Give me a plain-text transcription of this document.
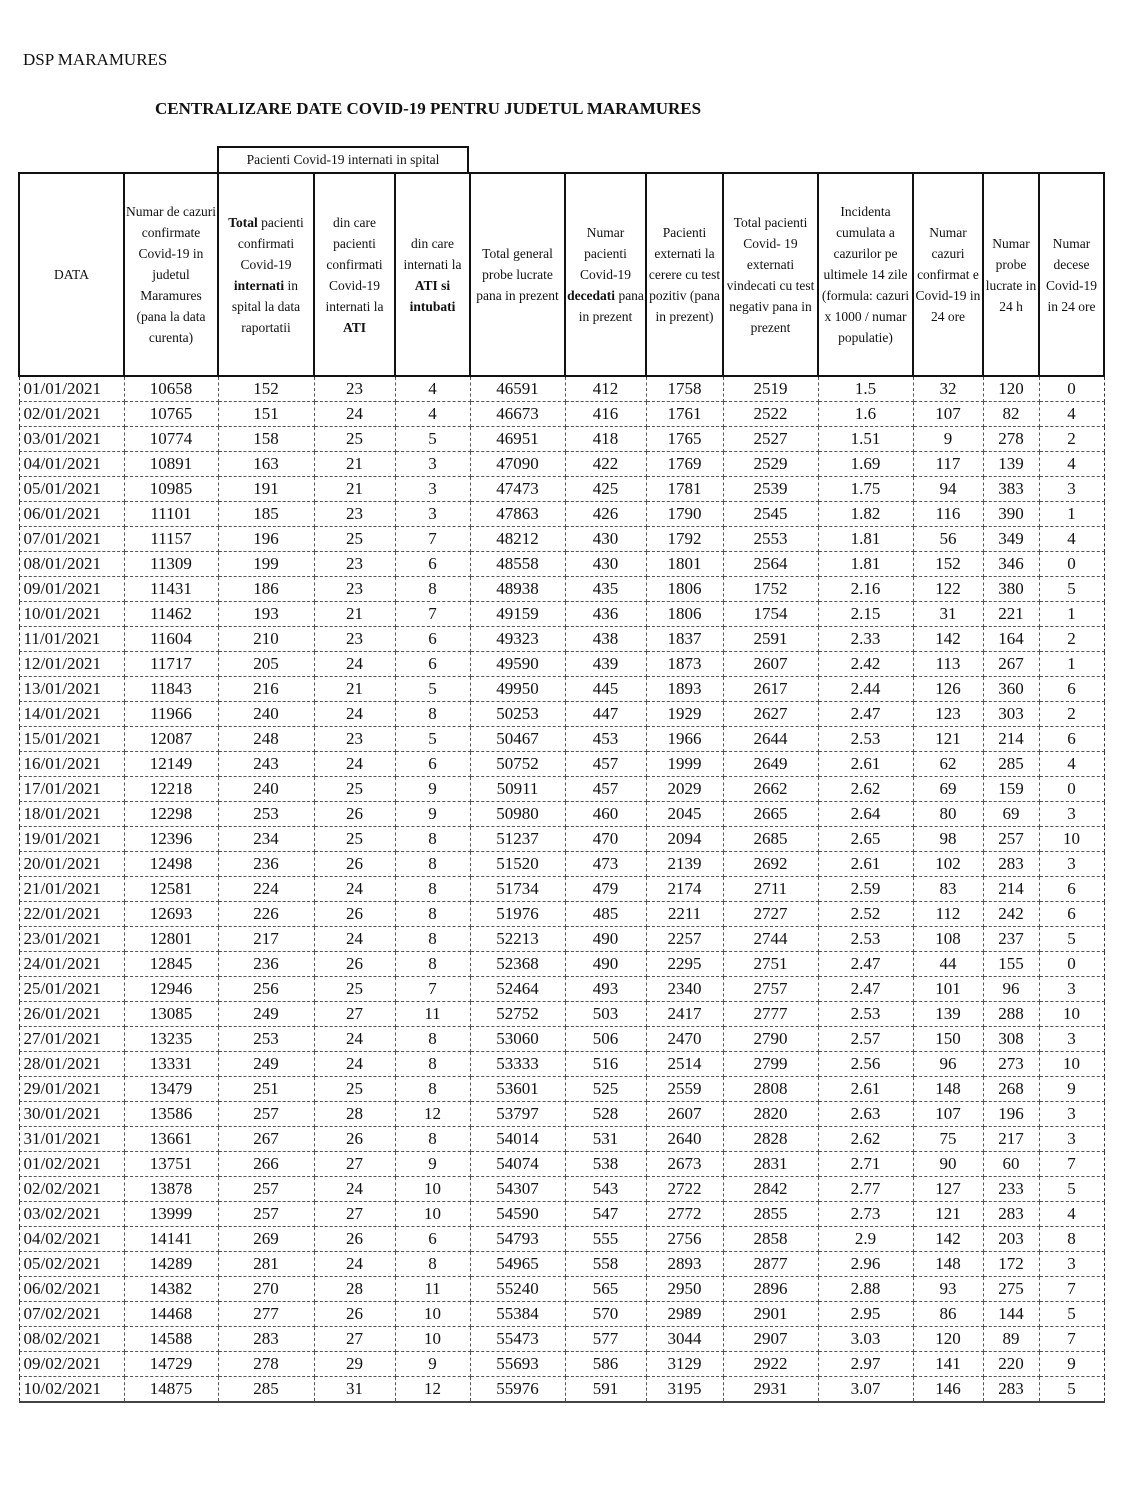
DSP MARAMURES
CENTRALIZARE DATE COVID-19 PENTRU JUDETUL MARAMURES
Pacienti Covid-19 internati in spital
DATA	Numar de cazuri confirmate Covid-19 in judetul Maramures (pana la data curenta)	Total pacienti confirmati Covid-19 internati in spital la data raportatii	din care pacienti confirmati Covid-19 internati la ATI	din care internati la ATI si intubati	Total general probe lucrate pana in prezent	Numar pacienti Covid-19 decedati pana in prezent	Pacienti externati la cerere cu test pozitiv (pana in prezent)	Total pacienti Covid- 19 externati vindecati cu test negativ pana in prezent	Incidenta cumulata a cazurilor pe ultimele 14 zile (formula: cazuri x 1000 / numar populatie)	Numar cazuri confirmat e Covid-19 in 24 ore	Numar probe lucrate in 24 h	Numar decese Covid-19 in 24 ore
01/01/2021	10658	152	23	4	46591	412	1758	2519	1.5	32	120	0
02/01/2021	10765	151	24	4	46673	416	1761	2522	1.6	107	82	4
03/01/2021	10774	158	25	5	46951	418	1765	2527	1.51	9	278	2
04/01/2021	10891	163	21	3	47090	422	1769	2529	1.69	117	139	4
05/01/2021	10985	191	21	3	47473	425	1781	2539	1.75	94	383	3
06/01/2021	11101	185	23	3	47863	426	1790	2545	1.82	116	390	1
07/01/2021	11157	196	25	7	48212	430	1792	2553	1.81	56	349	4
08/01/2021	11309	199	23	6	48558	430	1801	2564	1.81	152	346	0
09/01/2021	11431	186	23	8	48938	435	1806	1752	2.16	122	380	5
10/01/2021	11462	193	21	7	49159	436	1806	1754	2.15	31	221	1
11/01/2021	11604	210	23	6	49323	438	1837	2591	2.33	142	164	2
12/01/2021	11717	205	24	6	49590	439	1873	2607	2.42	113	267	1
13/01/2021	11843	216	21	5	49950	445	1893	2617	2.44	126	360	6
14/01/2021	11966	240	24	8	50253	447	1929	2627	2.47	123	303	2
15/01/2021	12087	248	23	5	50467	453	1966	2644	2.53	121	214	6
16/01/2021	12149	243	24	6	50752	457	1999	2649	2.61	62	285	4
17/01/2021	12218	240	25	9	50911	457	2029	2662	2.62	69	159	0
18/01/2021	12298	253	26	9	50980	460	2045	2665	2.64	80	69	3
19/01/2021	12396	234	25	8	51237	470	2094	2685	2.65	98	257	10
20/01/2021	12498	236	26	8	51520	473	2139	2692	2.61	102	283	3
21/01/2021	12581	224	24	8	51734	479	2174	2711	2.59	83	214	6
22/01/2021	12693	226	26	8	51976	485	2211	2727	2.52	112	242	6
23/01/2021	12801	217	24	8	52213	490	2257	2744	2.53	108	237	5
24/01/2021	12845	236	26	8	52368	490	2295	2751	2.47	44	155	0
25/01/2021	12946	256	25	7	52464	493	2340	2757	2.47	101	96	3
26/01/2021	13085	249	27	11	52752	503	2417	2777	2.53	139	288	10
27/01/2021	13235	253	24	8	53060	506	2470	2790	2.57	150	308	3
28/01/2021	13331	249	24	8	53333	516	2514	2799	2.56	96	273	10
29/01/2021	13479	251	25	8	53601	525	2559	2808	2.61	148	268	9
30/01/2021	13586	257	28	12	53797	528	2607	2820	2.63	107	196	3
31/01/2021	13661	267	26	8	54014	531	2640	2828	2.62	75	217	3
01/02/2021	13751	266	27	9	54074	538	2673	2831	2.71	90	60	7
02/02/2021	13878	257	24	10	54307	543	2722	2842	2.77	127	233	5
03/02/2021	13999	257	27	10	54590	547	2772	2855	2.73	121	283	4
04/02/2021	14141	269	26	6	54793	555	2756	2858	2.9	142	203	8
05/02/2021	14289	281	24	8	54965	558	2893	2877	2.96	148	172	3
06/02/2021	14382	270	28	11	55240	565	2950	2896	2.88	93	275	7
07/02/2021	14468	277	26	10	55384	570	2989	2901	2.95	86	144	5
08/02/2021	14588	283	27	10	55473	577	3044	2907	3.03	120	89	7
09/02/2021	14729	278	29	9	55693	586	3129	2922	2.97	141	220	9
10/02/2021	14875	285	31	12	55976	591	3195	2931	3.07	146	283	5
